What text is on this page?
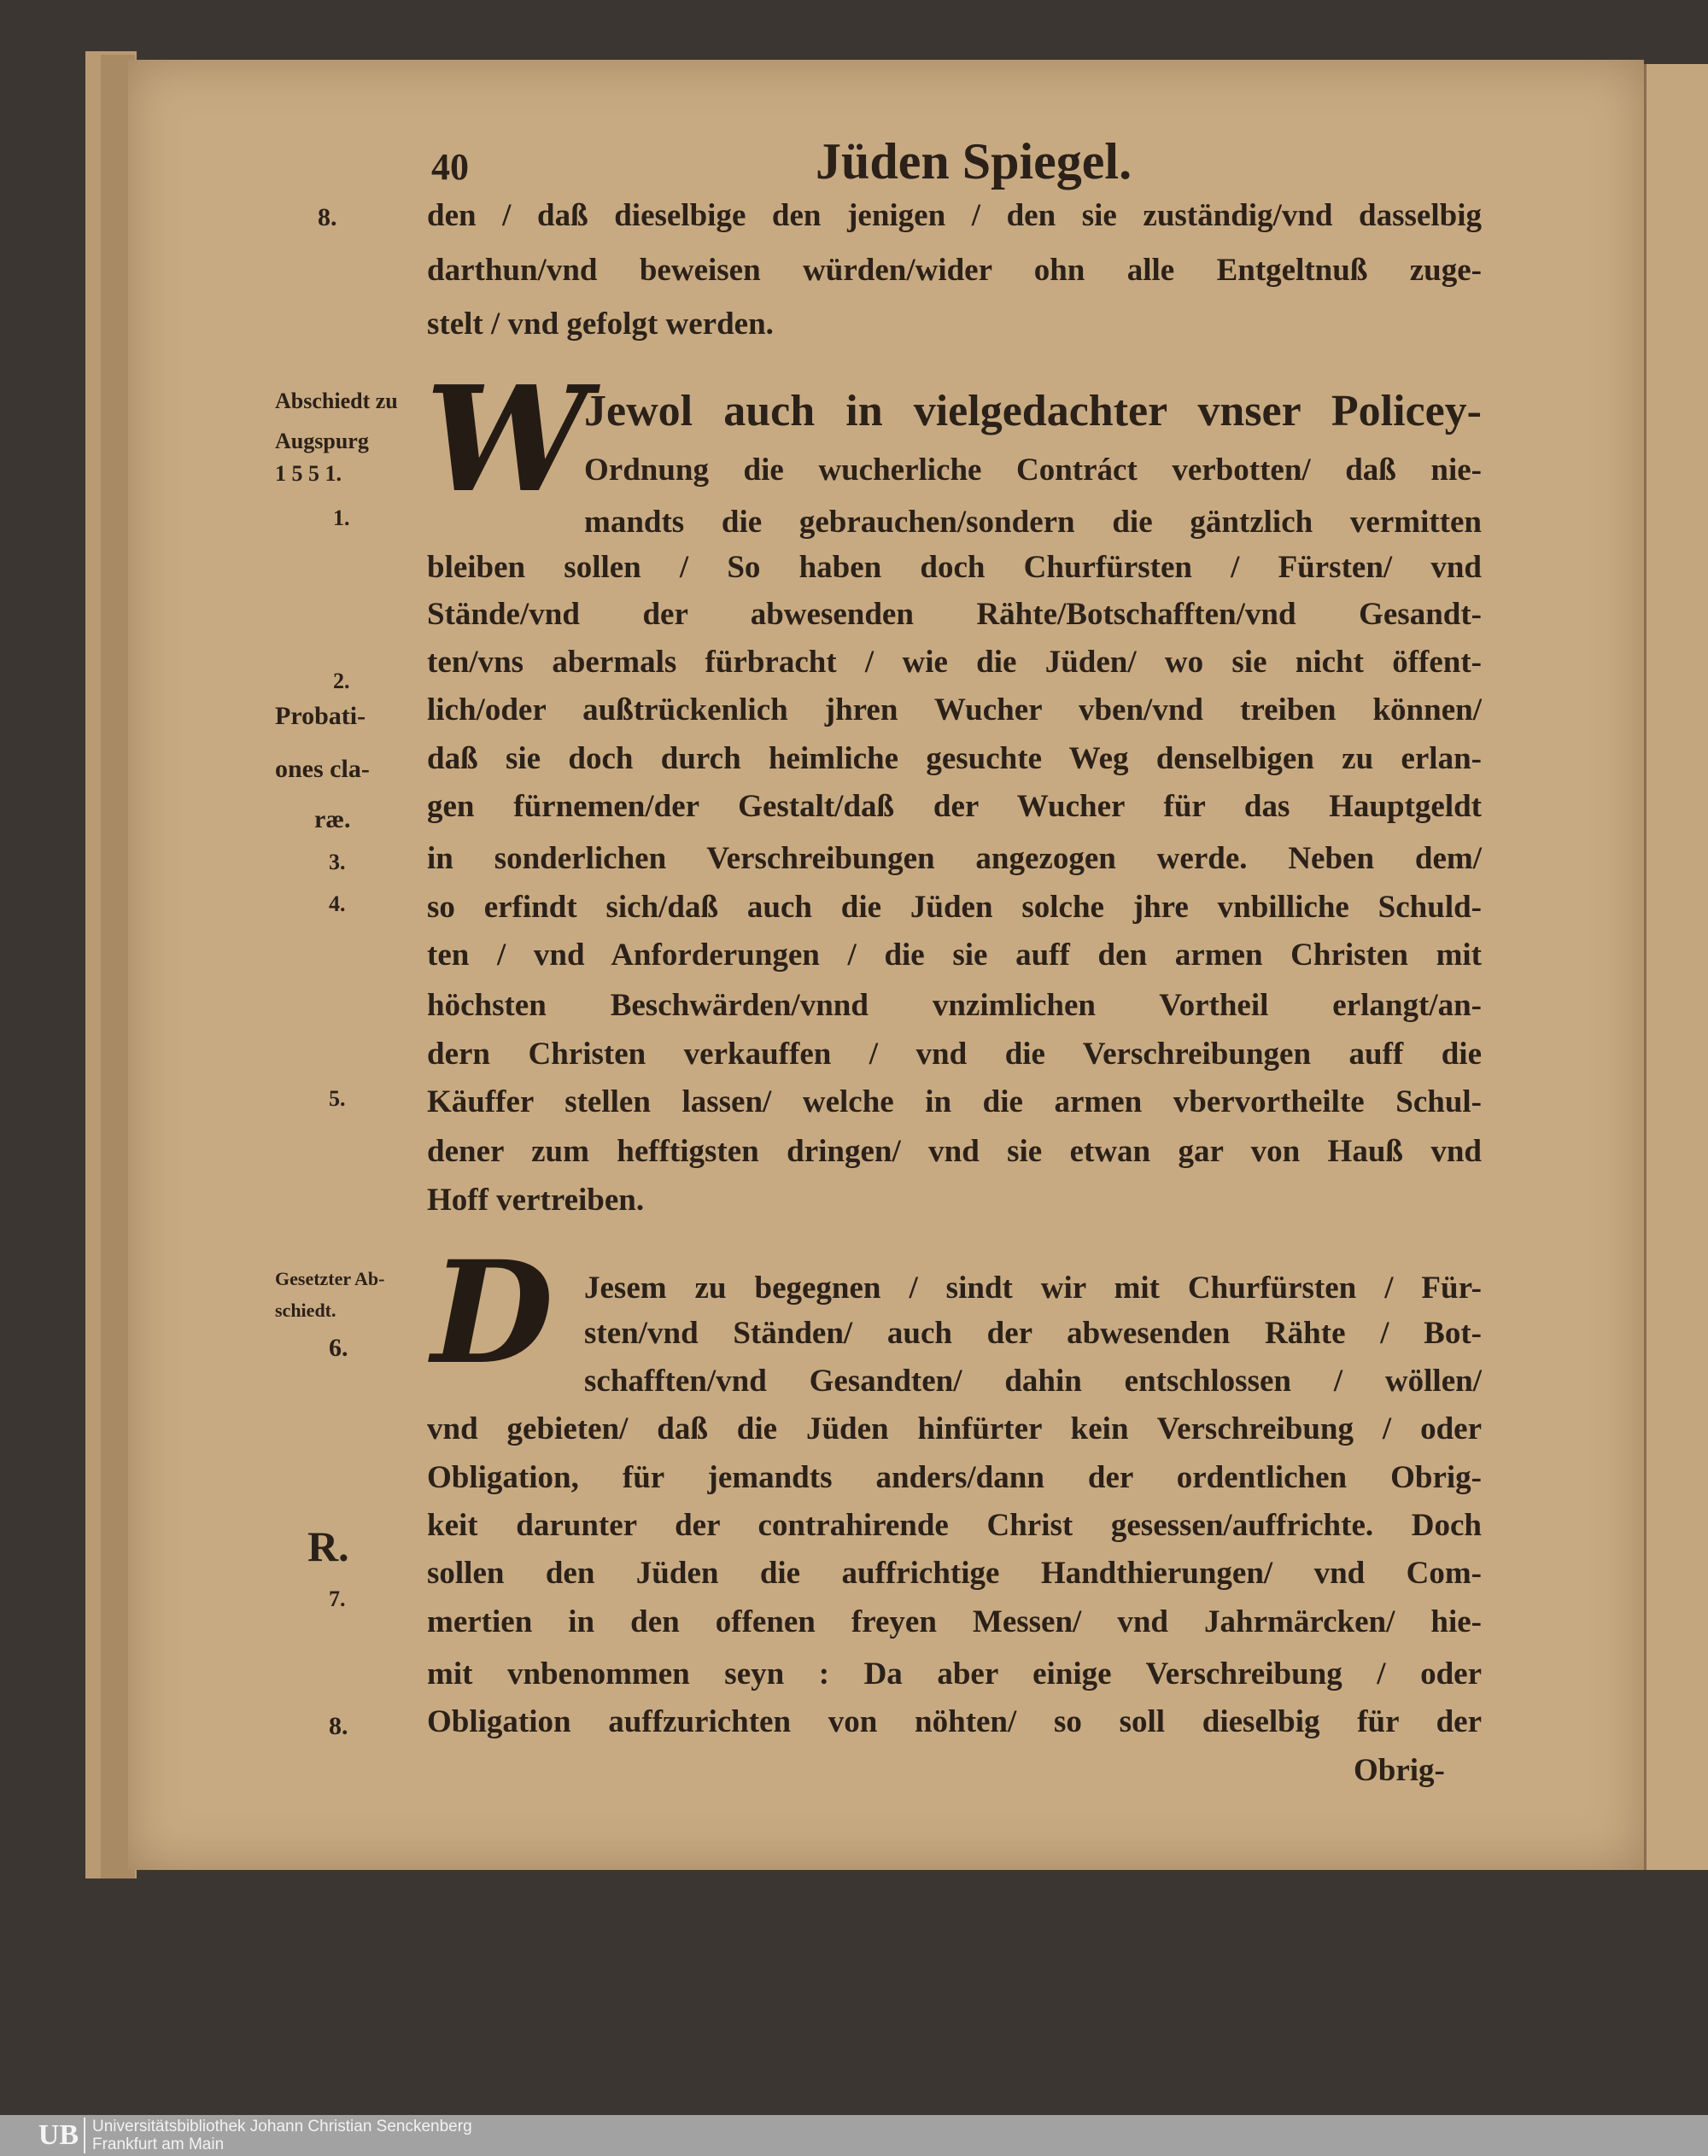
40	Jüden Spiegel.
den / daß dieselbige den jenigen / den sie zuständig/vnd dasselbig
darthun/vnd beweisen würden/wider ohn alle Entgeltnuß zuge-
stelt / vnd gefolgt werden.
W
Jewol auch in vielgedachter vnser Policey-
Ordnung die wucherliche Contráct verbotten/ daß nie-
mandts die gebrauchen/sondern die gäntzlich vermitten
bleiben sollen / So haben doch Churfürsten / Fürsten/ vnd
Stände/vnd der abwesenden Rähte/Botschafften/vnd Gesandt-
ten/vns abermals fürbracht / wie die Jüden/ wo sie nicht öffent-
lich/oder außtrückenlich jhren Wucher vben/vnd treiben können/
daß sie doch durch heimliche gesuchte Weg denselbigen zu erlan-
gen fürnemen/der Gestalt/daß der Wucher für das Hauptgeldt
in sonderlichen Verschreibungen angezogen werde. Neben dem/
so erfindt sich/daß auch die Jüden solche jhre vnbilliche Schuld-
ten / vnd Anforderungen / die sie auff den armen Christen mit
höchsten Beschwärden/vnnd vnzimlichen Vortheil erlangt/an-
dern Christen verkauffen / vnd die Verschreibungen auff die
Käuffer stellen lassen/ welche in die armen vbervortheilte Schul-
dener zum hefftigsten dringen/ vnd sie etwan gar von Hauß vnd
Hoff vertreiben.
D Jesem zu begegnen / sindt wir mit Churfürsten / Für-
sten/vnd Ständen/ auch der abwesenden Rähte / Bot-
schafften/vnd Gesandten/ dahin entschlossen / wöllen/
vnd gebieten/ daß die Jüden hinfürter kein Verschreibung / oder
Obligation, für jemandts anders/dann der ordentlichen Obrig-
keit darunter der contrahirende Christ gesessen/auffrichte. Doch
sollen den Jüden die auffrichtige Handthierungen/ vnd Com-
mertien in den offenen freyen Messen/ vnd Jahrmärcken/ hie-
mit vnbenommen seyn : Da aber einige Verschreibung / oder
Obligation auffzurichten von nöhten/ so soll dieselbig für der
Obrig-
8.
Abschiedt zu
Augspurg
1 5 5 1.
1.
2.
Probati-
ones cla-
ræ.
3.
4.
5.
Gesetzter Ab-
schiedt.
6.
R.
7.
8.
UB Universitätsbibliothek Johann Christian Senckenberg
Frankfurt am Main
